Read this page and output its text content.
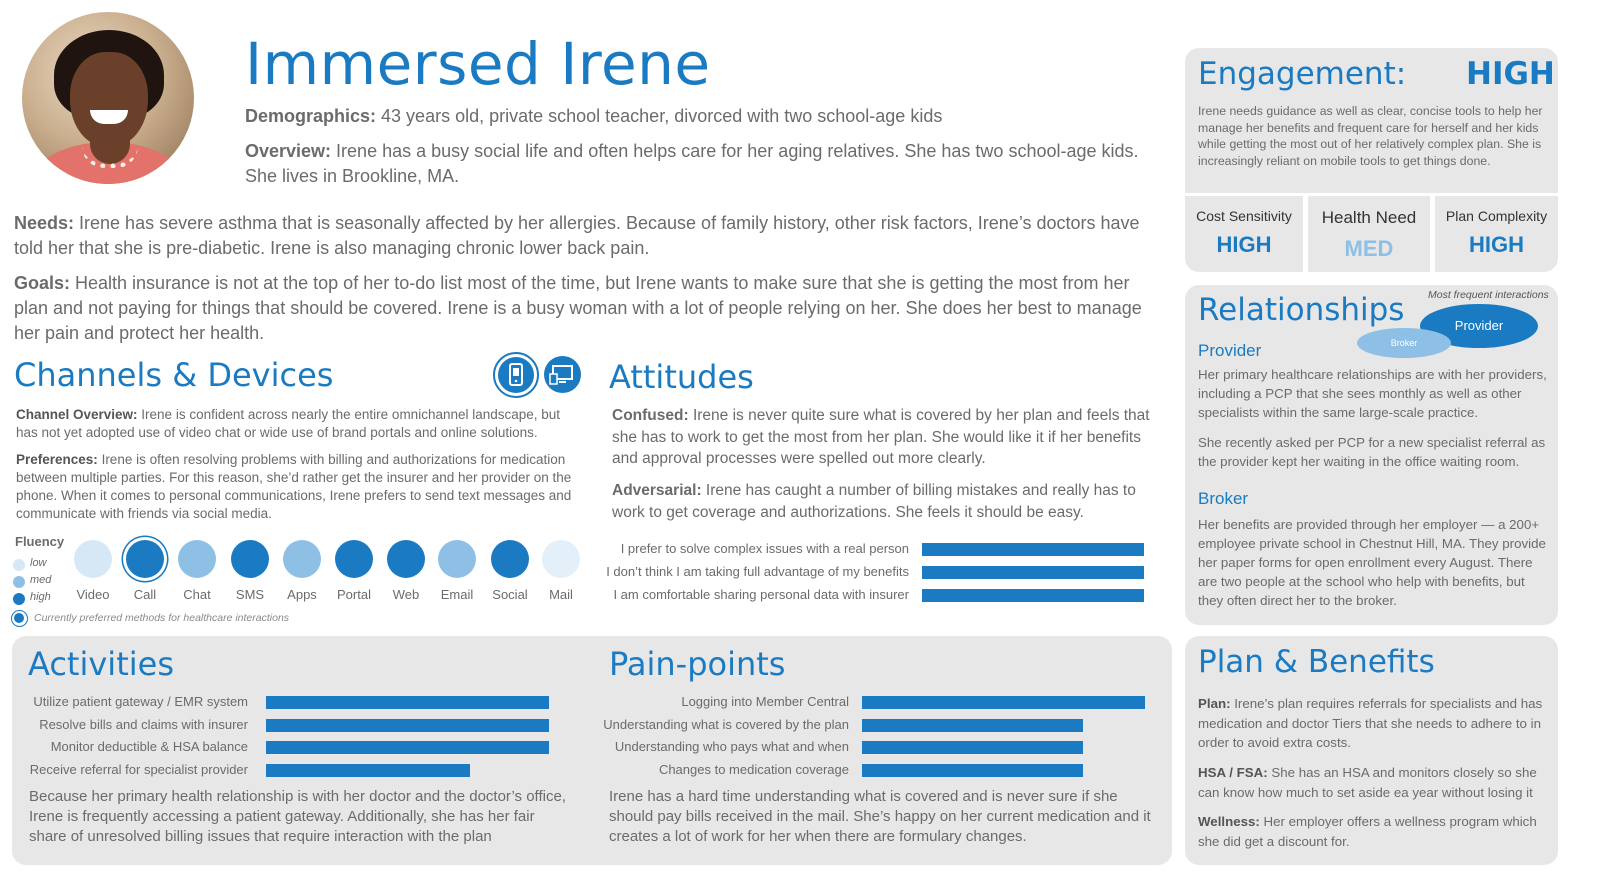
Immersed Irene
Demographics: 43 years old, private school teacher, divorced with two school-age kids
Overview: Irene has a busy social life and often helps care for her aging relatives. She has two school-age kids. She lives in Brookline, MA.
Needs: Irene has severe asthma that is seasonally affected by her allergies. Because of family history, other risk factors, Irene’s doctors have told her that she is pre-diabetic. Irene is also managing chronic lower back pain.
Goals: Health insurance is not at the top of her to-do list most of the time, but Irene wants to make sure that she is getting the most from her plan and not paying for things that should be covered. Irene is a busy woman with a lot of people relying on her. She does her best to manage her pain and protect her health.
Channels & Devices
Channel Overview: Irene is confident across nearly the entire omnichannel landscape, but has not yet adopted use of video chat or wide use of brand portals and online solutions.
Preferences: Irene is often resolving problems with billing and authorizations for medication between multiple parties. For this reason, she’d rather get the insurer and her provider on the phone. When it comes to personal communications, Irene prefers to send text messages and communicate with friends via social media.
Fluency
low
med
high
Currently preferred methods for healthcare interactions
Video	Call	Chat	SMS	Apps	Portal	Web	Email	Social	Mail
Attitudes
Confused: Irene is never quite sure what is covered by her plan and feels that she has to work to get the most from her plan. She would like it if her benefits and approval processes were spelled out more clearly.
Adversarial: Irene has caught a number of billing mistakes and really has to work to get coverage and authorizations. She feels it should be easy.
I prefer to solve complex issues with a real person
I don’t think I am taking full advantage of my benefits
I am comfortable sharing personal data with insurer
Activities
Utilize patient gateway / EMR system
Resolve bills and claims with insurer
Monitor deductible & HSA balance
Receive referral for specialist provider
Because her primary health relationship is with her doctor and the doctor’s office, Irene is frequently accessing a patient gateway. Additionally, she has her fair share of unresolved billing issues that require interaction with the plan
Pain-points
Logging into Member Central
Understanding what is covered by the plan
Understanding who pays what and when
Changes to medication coverage
Irene has a hard time understanding what is covered and is never sure if she should pay bills received in the mail. She’s happy on her current medication and it creates a lot of work for her when there are formulary changes.
Engagement: HIGH
Irene needs guidance as well as clear, concise tools to help her manage her benefits and frequent care for herself and her kids while getting the most out of her relatively complex plan. She is increasingly reliant on mobile tools to get things done.
Cost Sensitivity
HIGH
Health Need
MED
Plan Complexity
HIGH
Relationships Most frequent interactions
Provider
Broker
Provider
Her primary healthcare relationships are with her providers, including a PCP that she sees monthly as well as other specialists within the same large-scale practice.
She recently asked per PCP for a new specialist referral as the provider kept her waiting in the office waiting room.
Broker
Her benefits are provided through her employer — a 200+ employee private school in Chestnut Hill, MA. They provide her paper forms for open enrollment every August. There are two people at the school who help with benefits, but they often direct her to the broker.
Plan & Benefits
Plan: Irene’s plan requires referrals for specialists and has medication and doctor Tiers that she needs to adhere to in order to avoid extra costs.
HSA / FSA: She has an HSA and monitors closely so she can know how much to set aside ea year without losing it
Wellness: Her employer offers a wellness program which she did get a discount for.
